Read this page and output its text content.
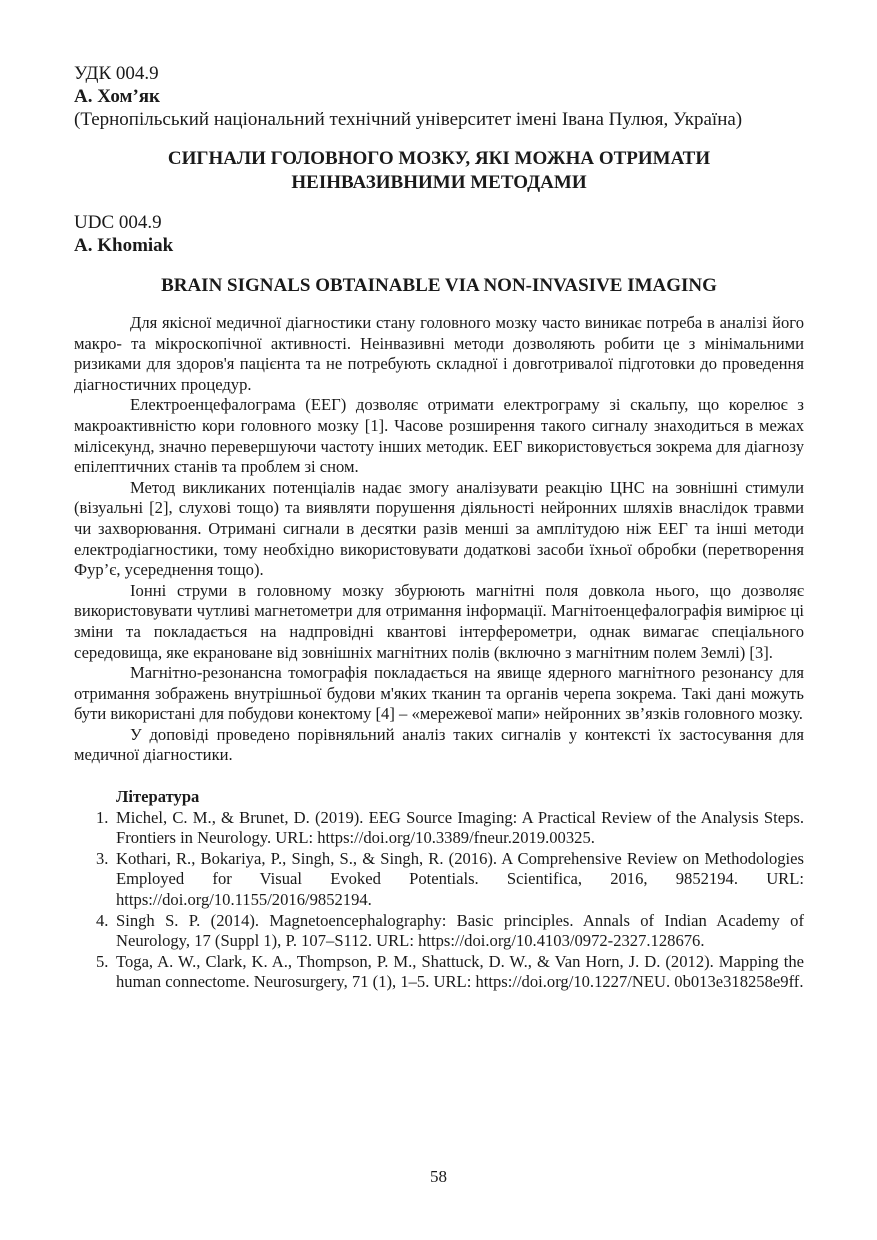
УДК 004.9
А. Хом’як
(Тернопільський національний технічний університет імені Івана Пулюя, Україна)
СИГНАЛИ ГОЛОВНОГО МОЗКУ, ЯКІ МОЖНА ОТРИМАТИ
НЕІНВАЗИВНИМИ МЕТОДАМИ
UDC 004.9
A. Khomiak
BRAIN SIGNALS OBTAINABLE VIA NON-INVASIVE IMAGING

Для якісної медичної діагностики стану головного мозку часто виникає потреба в аналізі його макро- та мікроскопічної активності. Неінвазивні методи дозволяють робити це з мінімальними ризиками для здоров'я пацієнта та не потребують складної і довготривалої підготовки до проведення діагностичних процедур.

Електроенцефалограма (ЕЕГ) дозволяє отримати електрограму зі скальпу, що корелює з макроактивністю кори головного мозку [1]. Часове розширення такого сигналу знаходиться в межах мілісекунд, значно перевершуючи частоту інших методик. ЕЕГ використовується зокрема для діагнозу епілептичних станів та проблем зі сном.

Метод викликаних потенціалів надає змогу аналізувати реакцію ЦНС на зовнішні стимули (візуальні [2], слухові тощо) та виявляти порушення діяльності нейронних шляхів внаслідок травми чи захворювання. Отримані сигнали в десятки разів менші за амплітудою ніж ЕЕГ та інші методи електродіагностики, тому необхідно використовувати додаткові засоби їхньої обробки (перетворення Фур’є, усереднення тощо).

Іонні струми в головному мозку збурюють магнітні поля довкола нього, що дозволяє використовувати чутливі магнетометри для отримання інформації. Магнітоенцефалографія вимірює ці зміни та покладається на надпровідні квантові інтерферометри, однак вимагає спеціального середовища, яке екрановане від зовнішніх магнітних полів (включно з магнітним полем Землі) [3].

Магнітно-резонансна томографія покладається на явище ядерного магнітного резонансу для отримання зображень внутрішньої будови м'яких тканин та органів черепа зокрема. Такі дані можуть бути використані для побудови конектому [4] – «мережевої мапи» нейронних зв’язків головного мозку.

У доповіді проведено порівняльний аналіз таких сигналів у контексті їх застосування для медичної діагностики.

Література
1. Michel, C. M., & Brunet, D. (2019). EEG Source Imaging: A Practical Review of the Analysis Steps. Frontiers in Neurology. URL: https://doi.org/10.3389/fneur.2019.00325.
3. Kothari, R., Bokariya, P., Singh, S., & Singh, R. (2016). A Comprehensive Review on Methodologies Employed for Visual Evoked Potentials. Scientifica, 2016, 9852194. URL: https://doi.org/10.1155/2016/9852194.
4. Singh S. P. (2014). Magnetoencephalography: Basic principles. Annals of Indian Academy of Neurology, 17 (Suppl 1), P. 107–S112. URL: https://doi.org/10.4103/0972-2327.128676.
5. Toga, A. W., Clark, K. A., Thompson, P. M., Shattuck, D. W., & Van Horn, J. D. (2012). Mapping the human connectome. Neurosurgery, 71 (1), 1–5. URL: https://doi.org/10.1227/NEU. 0b013e318258e9ff.
58
